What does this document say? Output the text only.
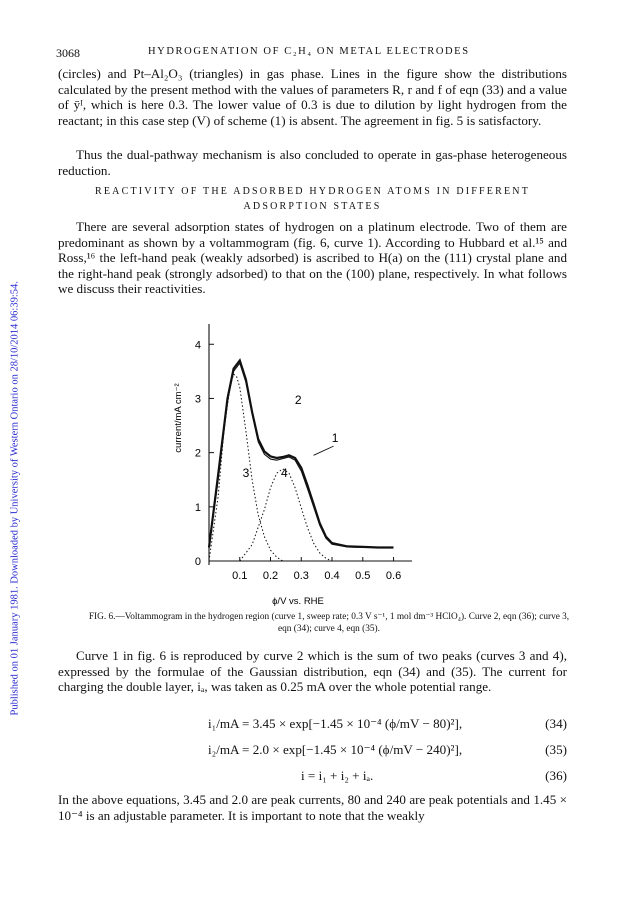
Published on 01 January 1981. Downloaded by University of Western Ontario on 28/10/2014 06:39:54.
3068	HYDROGENATION OF C₂H₄ ON METAL ELECTRODES
(circles) and Pt–Al₂O₃ (triangles) in gas phase. Lines in the figure show the distributions calculated by the present method with the values of parameters R, r and f of eqn (33) and a value of ȳᴵ, which is here 0.3. The lower value of 0.3 is due to dilution by light hydrogen from the reactant; in this case step (V) of scheme (1) is absent. The agreement in fig. 5 is satisfactory.
Thus the dual-pathway mechanism is also concluded to operate in gas-phase heterogeneous reduction.
REACTIVITY OF THE ADSORBED HYDROGEN ATOMS IN DIFFERENT ADSORPTION STATES
There are several adsorption states of hydrogen on a platinum electrode. Two of them are predominant as shown by a voltammogram (fig. 6, curve 1). According to Hubbard et al.¹⁵ and Ross,¹⁶ the left-hand peak (weakly adsorbed) is ascribed to H(a) on the (111) crystal plane and the right-hand peak (strongly adsorbed) to that on the (100) plane, respectively. In what follows we discuss their reactivities.
0
1
2
3
4
0.1 0.2 0.3 0.4 0.5 0.6
1
2
3	4
current/mA cm⁻²
ϕ/V vs. RHE
FIG. 6.—Voltammogram in the hydrogen region (curve 1, sweep rate; 0.3 V s⁻¹, 1 mol dm⁻³ HClO₄). Curve 2, eqn (36); curve 3, eqn (34); curve 4, eqn (35).
Curve 1 in fig. 6 is reproduced by curve 2 which is the sum of two peaks (curves 3 and 4), expressed by the formulae of the Gaussian distribution, eqn (34) and (35). The current for charging the double layer, iₐ, was taken as 0.25 mA over the whole potential range.
i₁/mA = 3.45 × exp[−1.45 × 10⁻⁴ (ϕ/mV − 80)²],	(34)
i₂/mA = 2.0 × exp[−1.45 × 10⁻⁴ (ϕ/mV − 240)²],	(35)
i = i₁ + i₂ + iₐ.	(36)
In the above equations, 3.45 and 2.0 are peak currents, 80 and 240 are peak potentials and 1.45 × 10⁻⁴ is an adjustable parameter. It is important to note that the weakly
